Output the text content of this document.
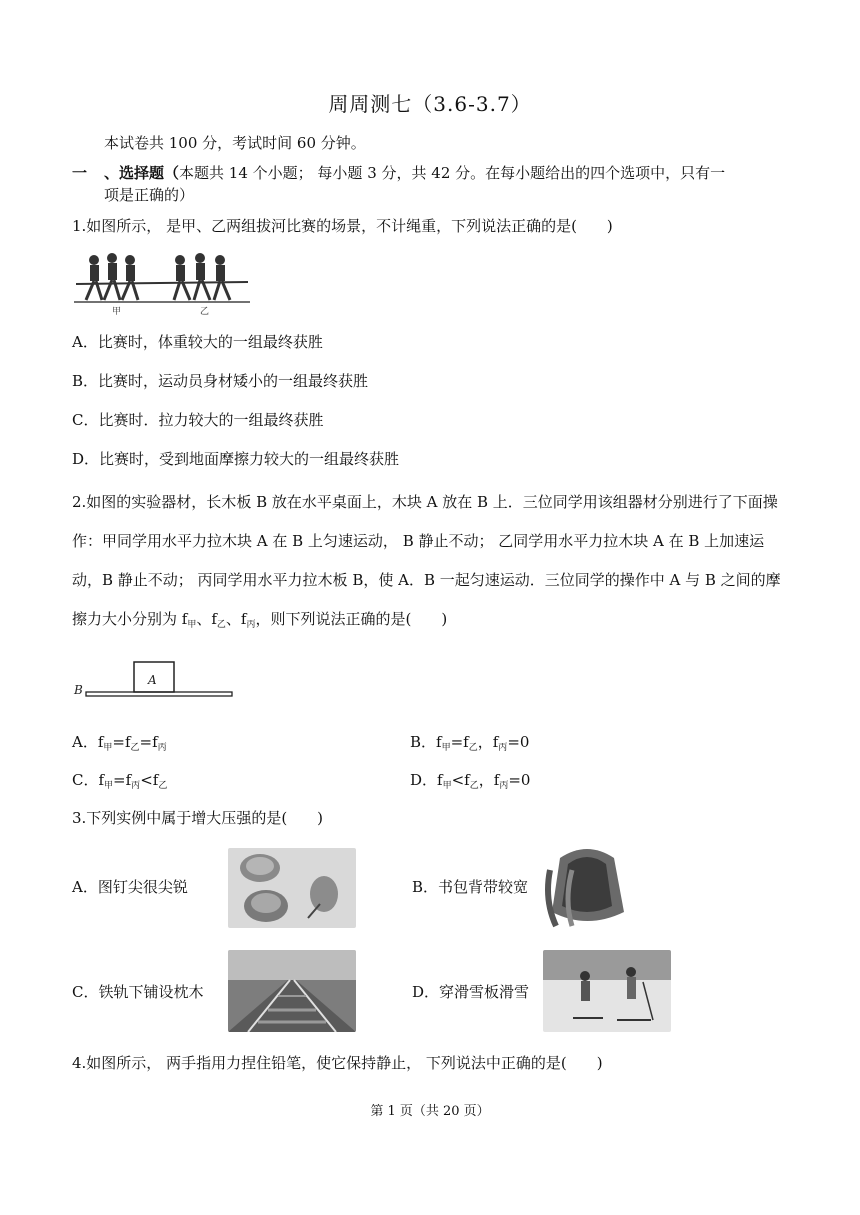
周周测七（3.6-3.7）
本试卷共 100 分，考试时间 60 分钟。
一 、选择题（本题共 14 个小题； 每小题 3 分，共 42 分。在每小题给出的四个选项中，只有一
项是正确的）
1.如图所示， 是甲、乙两组拔河比赛的场景，不计绳重，下列说法正确的是(　　)
甲	乙
A．比赛时，体重较大的一组最终获胜
B．比赛时，运动员身材矮小的一组最终获胜
C．比赛时．拉力较大的一组最终获胜
D．比赛时，受到地面摩擦力较大的一组最终获胜
2.如图的实验器材，长木板 B 放在水平桌面上，木块 A 放在 B 上．三位同学用该组器材分别进行了下面操作：甲同学用水平力拉木块 A 在 B 上匀速运动， B 静止不动； 乙同学用水平力拉木块 A 在 B 上加速运动，B 静止不动； 丙同学用水平力拉木板 B，使 A．B 一起匀速运动．三位同学的操作中 A 与 B 之间的摩擦力大小分别为 $f_甲$、$f_乙$、$f_丙$，则下列说法正确的是(　　)
A
B
A．$f_甲=f_乙=f_丙$	B．$f_甲=f_乙$，$f_丙=0$
C．$f_甲=f_丙<f_乙$	D．$f_甲<f_乙$，$f_丙=0$
3.下列实例中属于增大压强的是(　　)
A．图钉尖很尖锐	B．书包背带较宽
C．铁轨下铺设枕木	D．穿滑雪板滑雪
4.如图所示， 两手指用力捏住铅笔，使它保持静止， 下列说法中正确的是(　　)
第 1 页（共 20 页）
